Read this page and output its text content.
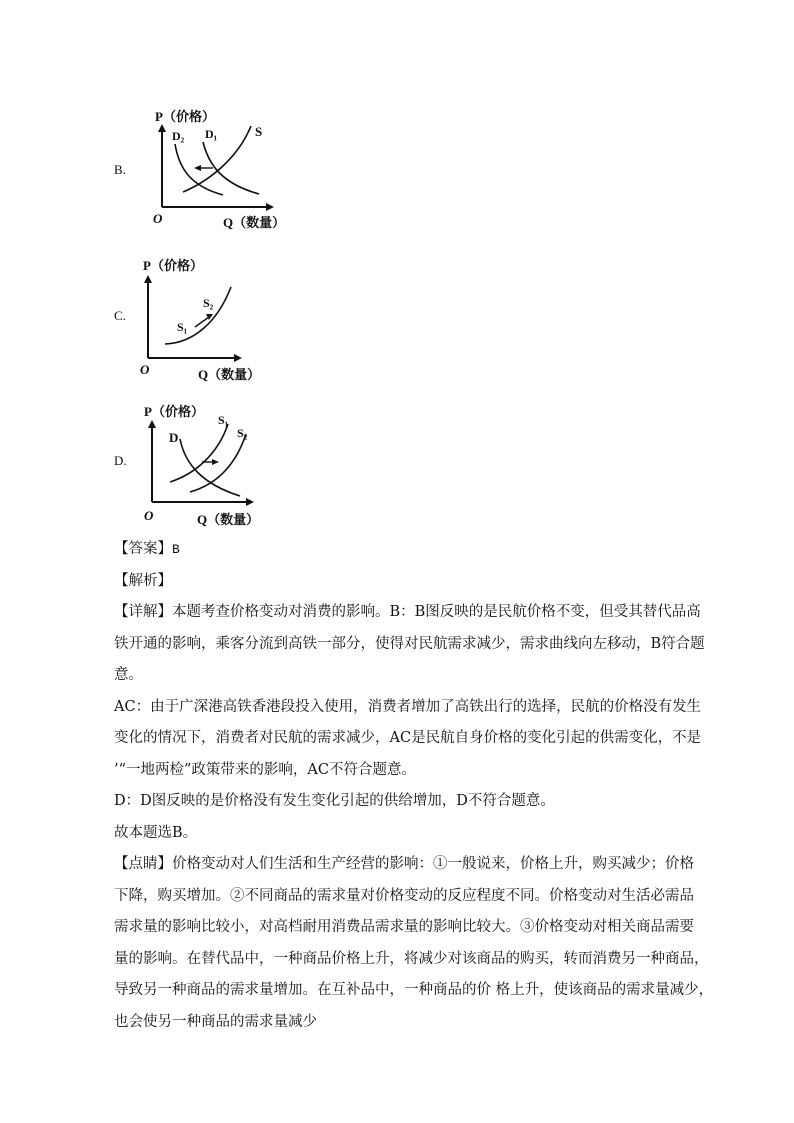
B.
P（价格）
D₂ D₁	S
O	Q（数量）
C.
P（价格）
S₁
S₂
O	Q（数量）
D.
P（价格）
D
S₁
S₂
O	Q（数量）
【答案】B
【解析】
【详解】本题考查价格变动对消费的影响。B：B图反映的是民航价格不变，但受其替代品高
铁开通的影响，乘客分流到高铁一部分，使得对民航需求减少，需求曲线向左移动，B符合题
意。
AC：由于广深港高铁香港段投入使用，消费者增加了高铁出行的选择，民航的价格没有发生
变化的情况下，消费者对民航的需求减少，AC是民航自身价格的变化引起的供需变化，不是
’“一地两检”政策带来的影响，AC不符合题意。
D：D图反映的是价格没有发生变化引起的供给增加，D不符合题意。
故本题选B。
【点睛】价格变动对人们生活和生产经营的影响：①一般说来，价格上升，购买减少；价格
下降，购买增加。②不同商品的需求量对价格变动的反应程度不同。价格变动对生活必需品
需求量的影响比较小，对高档耐用消费品需求量的影响比较大。③价格变动对相关商品需要
量的影响。在替代品中，一种商品价格上升，将减少对该商品的购买，转而消费另一种商品，
导致另一种商品的需求量增加。在互补品中，一种商品的价 格上升，使该商品的需求量减少，
也会使另一种商品的需求量减少
